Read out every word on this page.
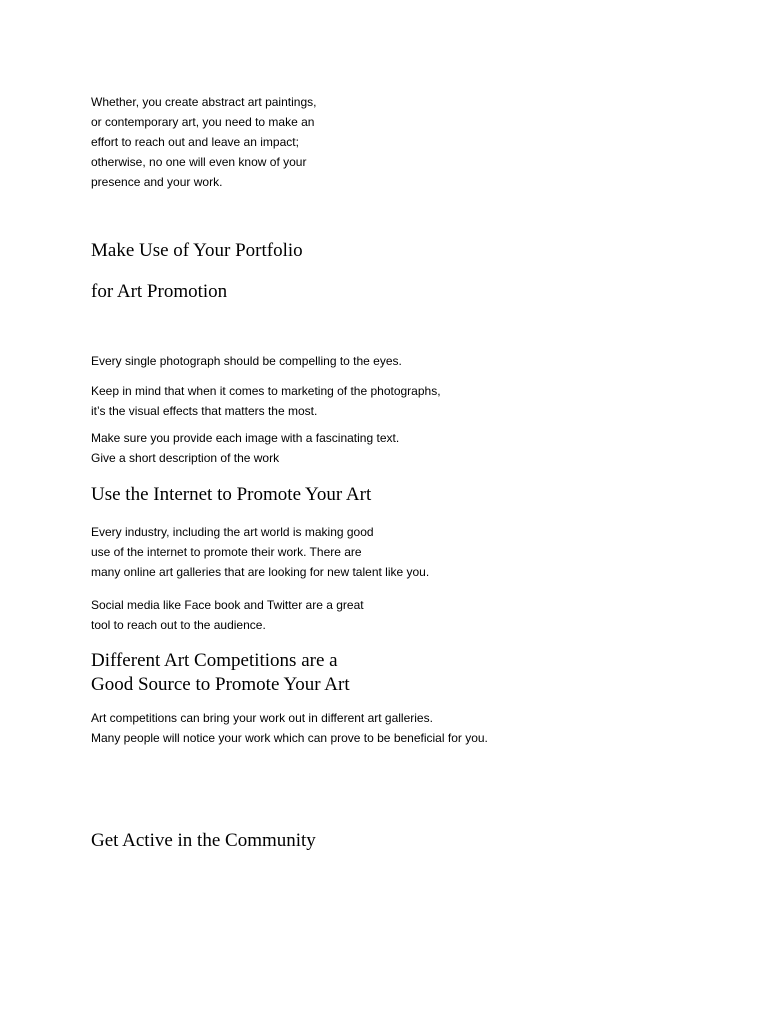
Whether, you create abstract art paintings,
or contemporary art, you need to make an
effort to reach out and leave an impact;
otherwise, no one will even know of your
presence and your work.

Make Use of Your Portfolio
for Art Promotion

Every single photograph should be compelling to the eyes.

Keep in mind that when it comes to marketing of the photographs,
it’s the visual effects that matters the most.

Make sure you provide each image with a fascinating text.
Give a short description of the work

Use the Internet to Promote Your Art

Every industry, including the art world is making good
use of the internet to promote their work. There are
many online art galleries that are looking for new talent like you.

Social media like Face book and Twitter are a great
tool to reach out to the audience.

Different Art Competitions are a
Good Source to Promote Your Art

Art competitions can bring your work out in different art galleries.
Many people will notice your work which can prove to be beneficial for you.

Get Active in the Community
